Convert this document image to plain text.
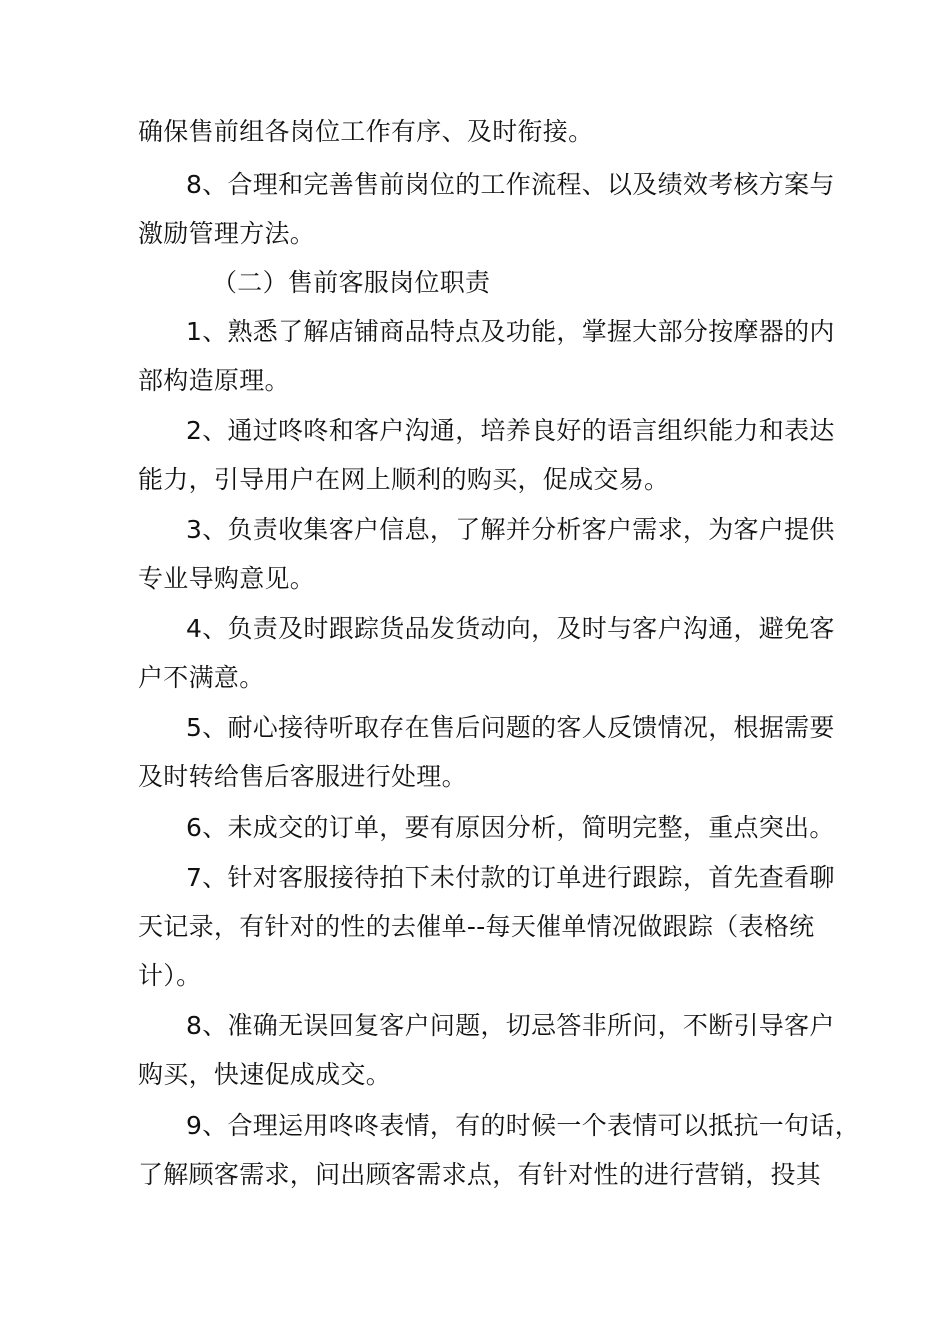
确保售前组各岗位工作有序、及时衔接。
8、合理和完善售前岗位的工作流程、以及绩效考核方案与
激励管理方法。
（二）售前客服岗位职责
1、熟悉了解店铺商品特点及功能，掌握大部分按摩器的内
部构造原理。
2、通过咚咚和客户沟通，培养良好的语言组织能力和表达
能力，引导用户在网上顺利的购买，促成交易。
3、负责收集客户信息，了解并分析客户需求，为客户提供
专业导购意见。
4、负责及时跟踪货品发货动向，及时与客户沟通，避免客
户不满意。
5、耐心接待听取存在售后问题的客人反馈情况，根据需要
及时转给售后客服进行处理。
6、未成交的订单，要有原因分析，简明完整，重点突出。
7、针对客服接待拍下未付款的订单进行跟踪，首先查看聊
天记录，有针对的性的去催单--每天催单情况做跟踪（表格统
计）。
8、准确无误回复客户问题，切忌答非所问，不断引导客户
购买，快速促成成交。
9、合理运用咚咚表情，有的时候一个表情可以抵抗一句话，
了解顾客需求，问出顾客需求点，有针对性的进行营销，投其
